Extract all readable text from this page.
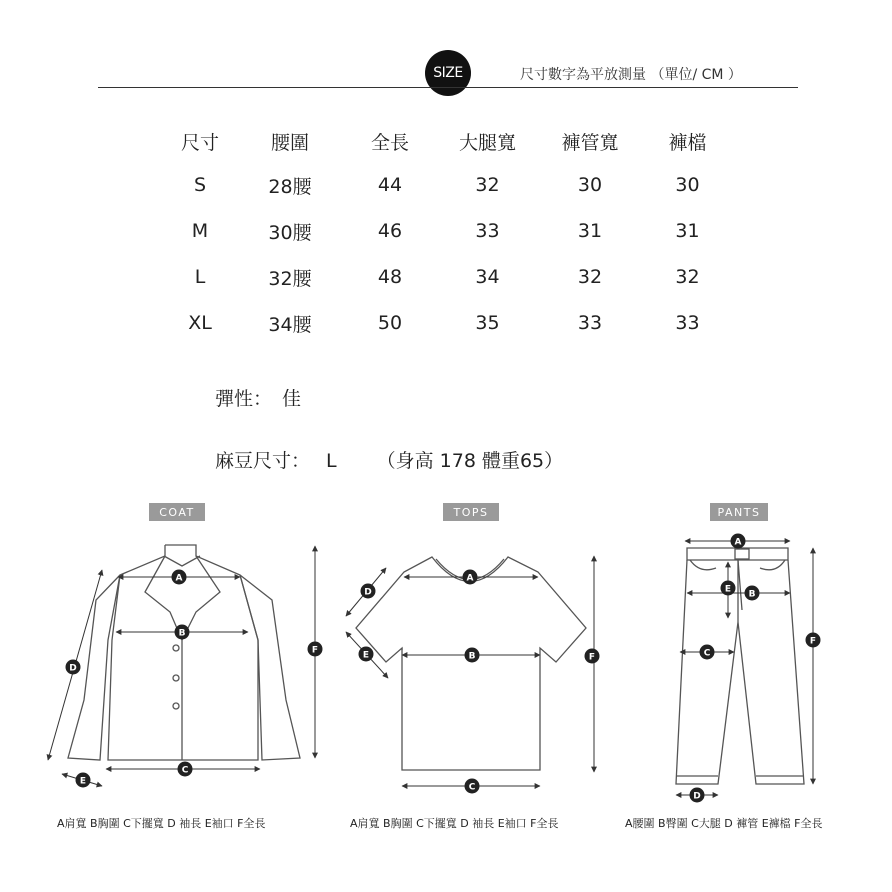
SIZE	尺寸數字為平放測量 （單位/ CM ）
尺寸	腰圍	全長	大腿寬	褲管寬	褲檔
S	28腰	44	32	30	30
M	30腰	46	33	31	31
L	32腰	48	34	32	32
XL	34腰	50	35	33	33
彈性： 佳
麻豆尺寸： L （身高 178 體重65）
COAT	TOPS	PANTS
A
B
C
D
E
F
A
B
C
D
E	F
A
B
C
D
E
F
A肩寬 B胸圍 C下擺寬 D 袖長 E袖口 F全長	A肩寬 B胸圍 C下擺寬 D 袖長 E袖口 F全長	A腰圍 B臀圍 C大腿 D 褲管 E褲檔 F全長
